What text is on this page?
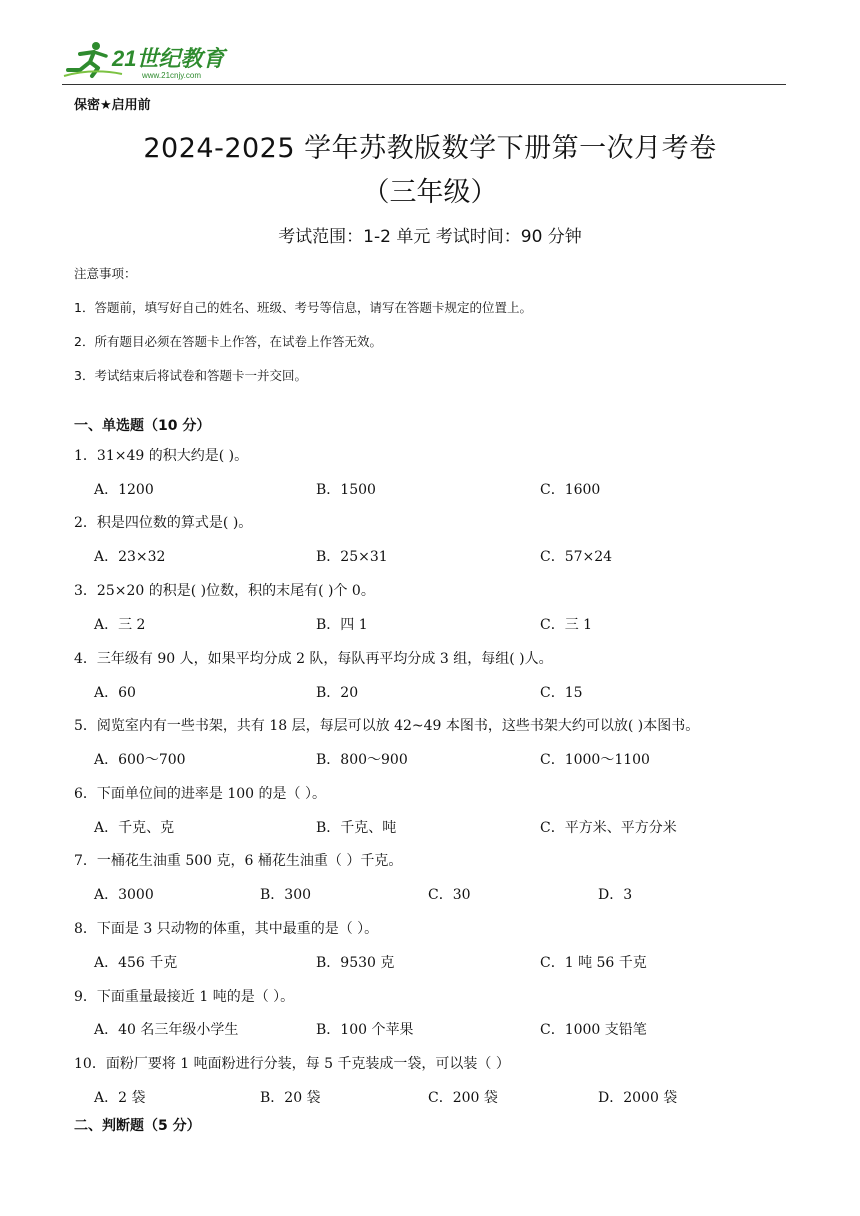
21世纪教育
www.21cnjy.com
保密★启用前
2024-2025 学年苏教版数学下册第一次月考卷
（三年级）
考试范围：1-2 单元 考试时间：90 分钟
注意事项：
1．答题前，填写好自己的姓名、班级、考号等信息，请写在答题卡规定的位置上。
2．所有题目必须在答题卡上作答，在试卷上作答无效。
3．考试结束后将试卷和答题卡一并交回。
一、单选题（10 分）
1．31×49 的积大约是( )。
A．1200	B．1500	C．1600
2．积是四位数的算式是( )。
A．23×32	B．25×31	C．57×24
3．25×20 的积是( )位数，积的末尾有( )个 0。
A．三 2	B．四 1	C．三 1
4．三年级有 90 人，如果平均分成 2 队，每队再平均分成 3 组，每组( )人。
A．60	B．20	C．15
5．阅览室内有一些书架，共有 18 层，每层可以放 42~49 本图书，这些书架大约可以放( )本图书。
A．600～700	B．800～900	C．1000～1100
6．下面单位间的进率是 100 的是（ ）。
A．千克、克	B．千克、吨	C．平方米、平方分米
7．一桶花生油重 500 克，6 桶花生油重（ ）千克。
A．3000	B．300	C．30	D．3
8．下面是 3 只动物的体重，其中最重的是（ ）。
A．456 千克	B．9530 克	C．1 吨 56 千克
9．下面重量最接近 1 吨的是（ ）。
A．40 名三年级小学生	B．100 个苹果	C．1000 支铅笔
10．面粉厂要将 1 吨面粉进行分装，每 5 千克装成一袋，可以装（ ）
A．2 袋	B．20 袋	C．200 袋	D．2000 袋
二、判断题（5 分）
